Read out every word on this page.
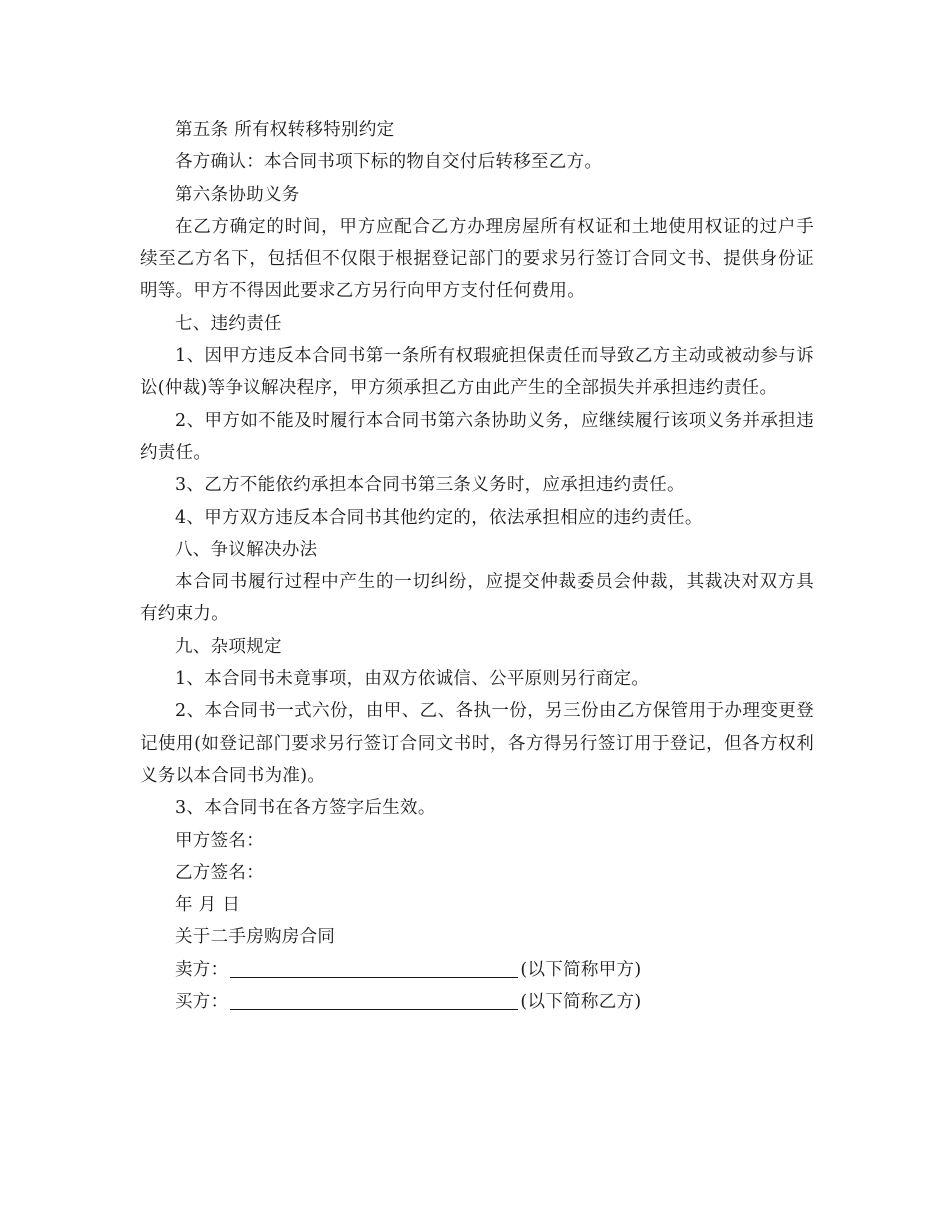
第五条 所有权转移特别约定

各方确认：本合同书项下标的物自交付后转移至乙方。

第六条协助义务

在乙方确定的时间，甲方应配合乙方办理房屋所有权证和土地使用权证的过户手续至乙方名下，包括但不仅限于根据登记部门的要求另行签订合同文书、提供身份证明等。甲方不得因此要求乙方另行向甲方支付任何费用。

七、违约责任

1、因甲方违反本合同书第一条所有权瑕疵担保责任而导致乙方主动或被动参与诉讼(仲裁)等争议解决程序，甲方须承担乙方由此产生的全部损失并承担违约责任。

2、甲方如不能及时履行本合同书第六条协助义务，应继续履行该项义务并承担违约责任。

3、乙方不能依约承担本合同书第三条义务时，应承担违约责任。

4、甲方双方违反本合同书其他约定的，依法承担相应的违约责任。

八、争议解决办法

本合同书履行过程中产生的一切纠纷，应提交仲裁委员会仲裁，其裁决对双方具有约束力。

九、杂项规定

1、本合同书未竟事项，由双方依诚信、公平原则另行商定。

2、本合同书一式六份，由甲、乙、各执一份，另三份由乙方保管用于办理变更登记使用(如登记部门要求另行签订合同文书时，各方得另行签订用于登记，但各方权利义务以本合同书为准)。

3、本合同书在各方签字后生效。

甲方签名：

乙方签名：

年 月 日

关于二手房购房合同

卖方：	(以下简称甲方)
买方：	(以下简称乙方)
